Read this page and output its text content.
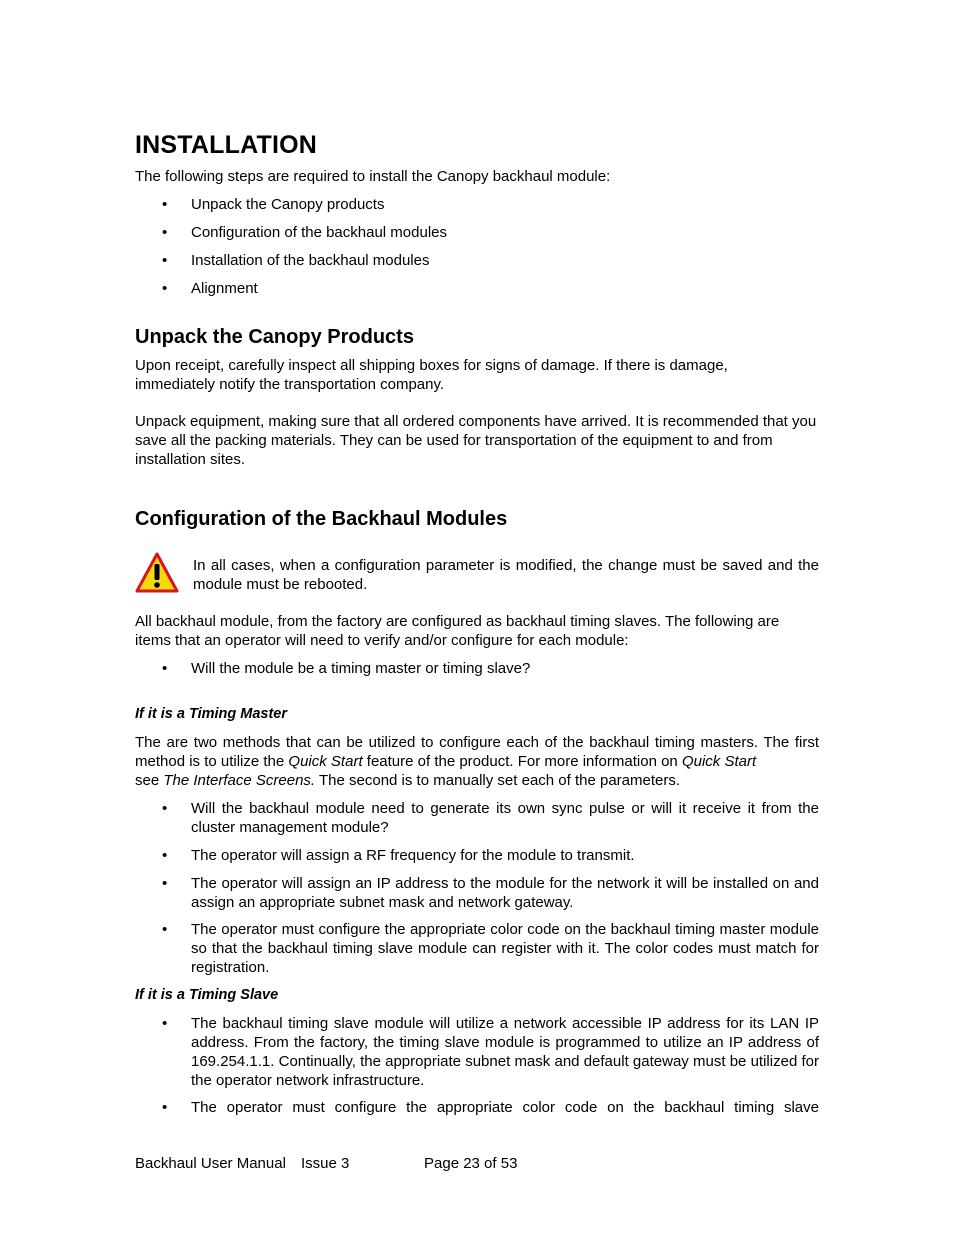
INSTALLATION
The following steps are required to install the Canopy backhaul module:
• Unpack the Canopy products
• Configuration of the backhaul modules
• Installation of the backhaul modules
• Alignment
Unpack the Canopy Products
Upon receipt, carefully inspect all shipping boxes for signs of damage. If there is damage, immediately notify the transportation company.
Unpack equipment, making sure that all ordered components have arrived. It is recommended that you save all the packing materials. They can be used for transportation of the equipment to and from installation sites.
Configuration of the Backhaul Modules
In all cases, when a configuration parameter is modified, the change must be saved and the module must be rebooted.
All backhaul module, from the factory are configured as backhaul timing slaves. The following are items that an operator will need to verify and/or configure for each module:
• Will the module be a timing master or timing slave?
If it is a Timing Master
The are two methods that can be utilized to configure each of the backhaul timing masters. The first method is to utilize the Quick Start feature of the product. For more information on Quick Start
see The Interface Screens. The second is to manually set each of the parameters.
• Will the backhaul module need to generate its own sync pulse or will it receive it from the cluster management module?
• The operator will assign a RF frequency for the module to transmit.
• The operator will assign an IP address to the module for the network it will be installed on and assign an appropriate subnet mask and network gateway.
• The operator must configure the appropriate color code on the backhaul timing master module so that the backhaul timing slave module can register with it. The color codes must match for registration.
If it is a Timing Slave
• The backhaul timing slave module will utilize a network accessible IP address for its LAN IP address. From the factory, the timing slave module is programmed to utilize an IP address of 169.254.1.1. Continually, the appropriate subnet mask and default gateway must be utilized for the operator network infrastructure.
• The operator must configure the appropriate color code on the backhaul timing slave
Backhaul User Manual Issue 3	Page 23 of 53
